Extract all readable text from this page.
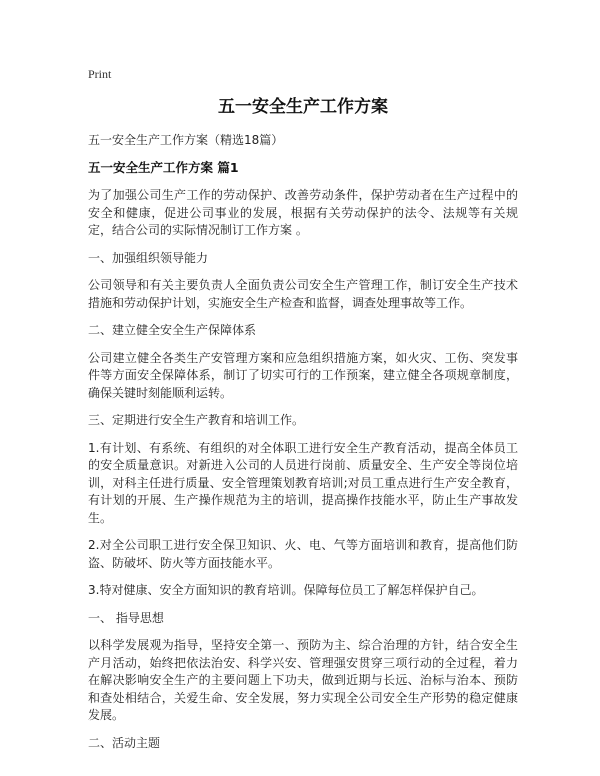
Print
五一安全生产工作方案
五一安全生产工作方案（精选18篇）
五一安全生产工作方案 篇1

为了加强公司生产工作的劳动保护、改善劳动条件，保护劳动者在生产过程中的安全和健康，促进公司事业的发展，根据有关劳动保护的法令、法规等有关规定，结合公司的实际情况制订工作方案 。

一、加强组织领导能力

公司领导和有关主要负责人全面负责公司安全生产管理工作，制订安全生产技术措施和劳动保护计划，实施安全生产检查和监督，调查处理事故等工作。

二、建立健全安全生产保障体系

公司建立健全各类生产安管理方案和应急组织措施方案，如火灾、工伤、突发事件等方面安全保障体系，制订了切实可行的工作预案，建立健全各项规章制度，确保关键时刻能顺利运转。

三、定期进行安全生产教育和培训工作。

1.有计划、有系统、有组织的对全体职工进行安全生产教育活动，提高全体员工的安全质量意识。对新进入公司的人员进行岗前、质量安全、生产安全等岗位培训，对科主任进行质量、安全管理策划教育培训;对员工重点进行生产安全教育，有计划的开展、生产操作规范为主的培训，提高操作技能水平，防止生产事故发生。

2.对全公司职工进行安全保卫知识、火、电、气等方面培训和教育，提高他们防盗、防破坏、防火等方面技能水平。

3.特对健康、安全方面知识的教育培训。保障每位员工了解怎样保护自己。

一、 指导思想

以科学发展观为指导，坚持安全第一、预防为主、综合治理的方针，结合安全生产月活动，始终把依法治安、科学兴安、管理强安贯穿三项行动的全过程，着力在解决影响安全生产的主要问题上下功夫，做到近期与长远、治标与治本、预防和查处相结合，关爱生命、安全发展，努力实现全公司安全生产形势的稳定健康发展。

二、活动主题
